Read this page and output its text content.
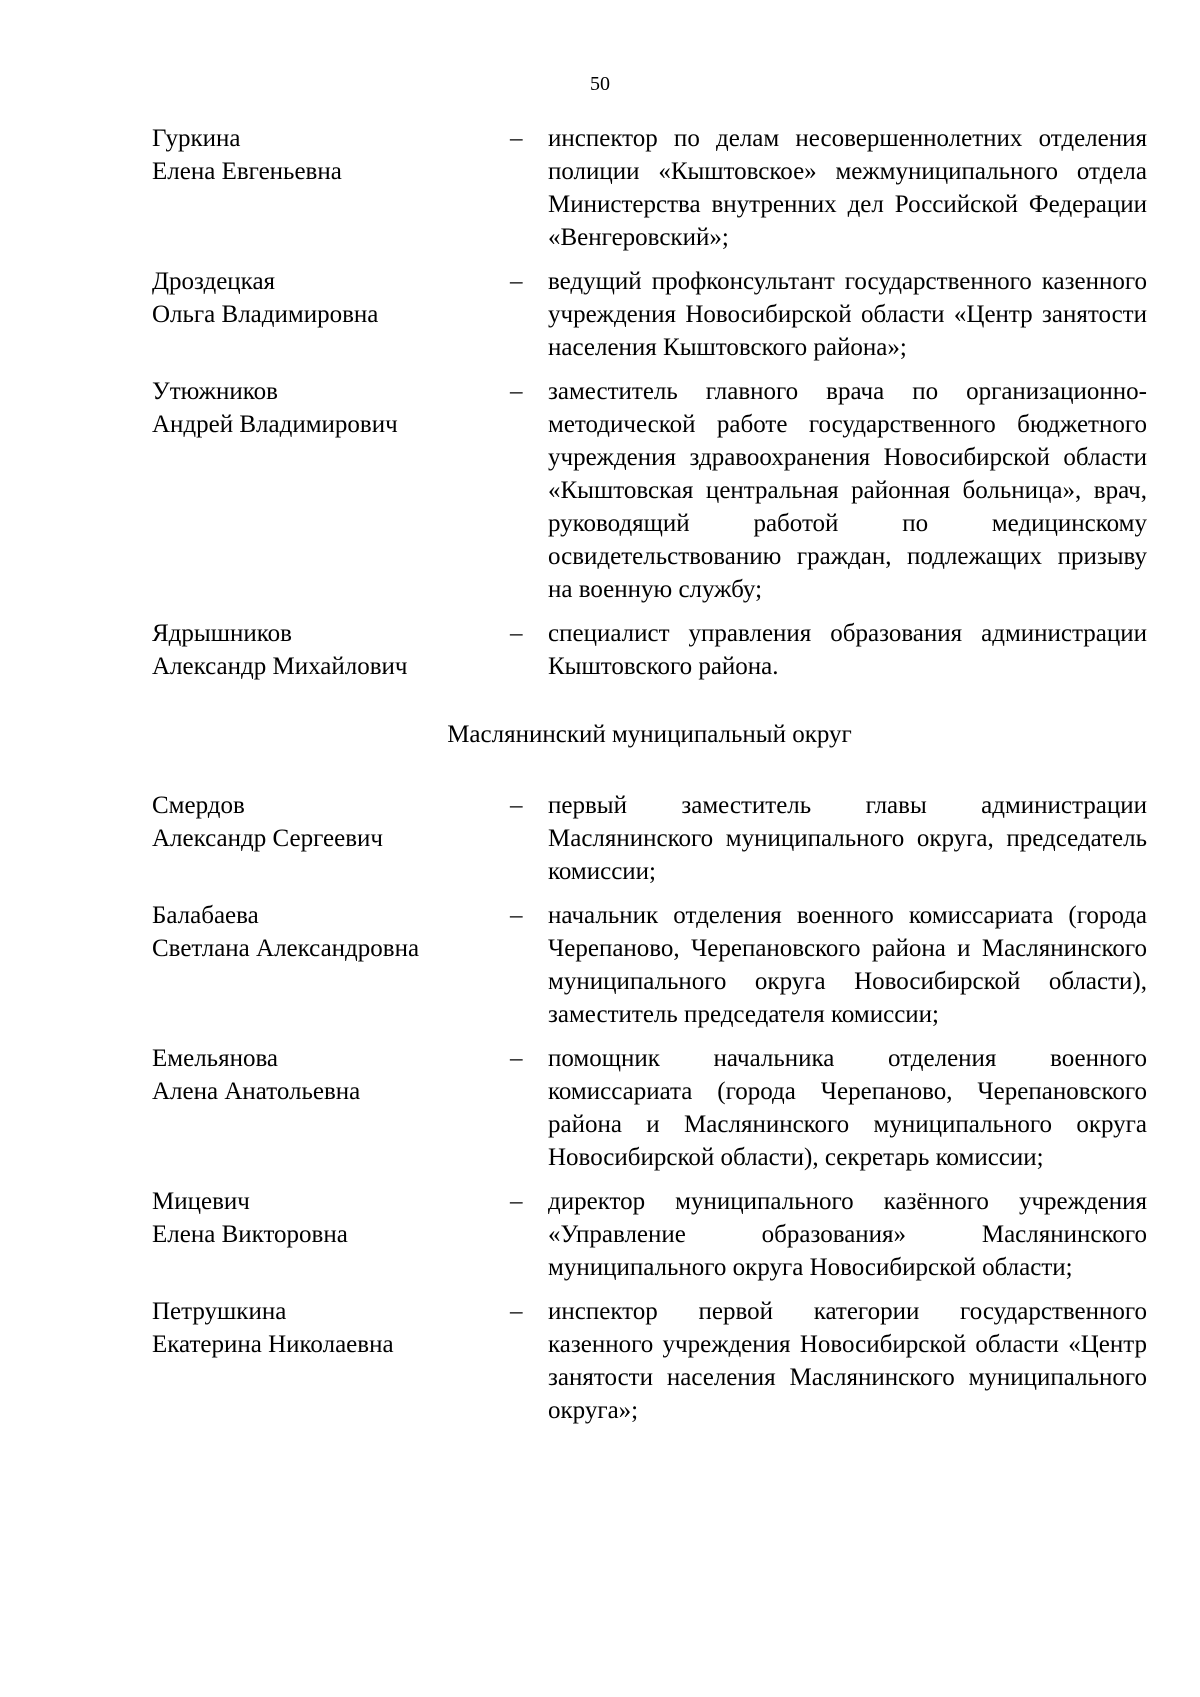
50
Гуркина
Елена Евгеньевна
–	инспектор по делам несовершеннолетних отделения полиции «Кыштовское» межмуниципального отдела Министерства внутренних дел Российской Федерации «Венгеровский»;
Дроздецкая
Ольга Владимировна
–	ведущий профконсультант государственного казенного учреждения Новосибирской области «Центр занятости населения Кыштовского района»;
Утюжников
Андрей Владимирович
–	заместитель главного врача по организационно-методической работе государственного бюджетного учреждения здравоохранения Новосибирской области «Кыштовская центральная районная больница», врач, руководящий работой по медицинскому освидетельствованию граждан, подлежащих призыву на военную службу;
Ядрышников
Александр Михайлович
–	специалист управления образования администрации Кыштовского района.
Маслянинский муниципальный округ
Смердов
Александр Сергеевич
–	первый заместитель главы администрации Маслянинского муниципального округа, председатель комиссии;
Балабаева
Светлана Александровна
–	начальник отделения военного комиссариата (города Черепаново, Черепановского района и Маслянинского муниципального округа Новосибирской области), заместитель председателя комиссии;
Емельянова
Алена Анатольевна
–	помощник начальника отделения военного комиссариата (города Черепаново, Черепановского района и Маслянинского муниципального округа Новосибирской области), секретарь комиссии;
Мицевич
Елена Викторовна
–	директор муниципального казённого учреждения «Управление образования» Маслянинского муниципального округа Новосибирской области;
Петрушкина
Екатерина Николаевна
–	инспектор первой категории государственного казенного учреждения Новосибирской области «Центр занятости населения Маслянинского муниципального округа»;
